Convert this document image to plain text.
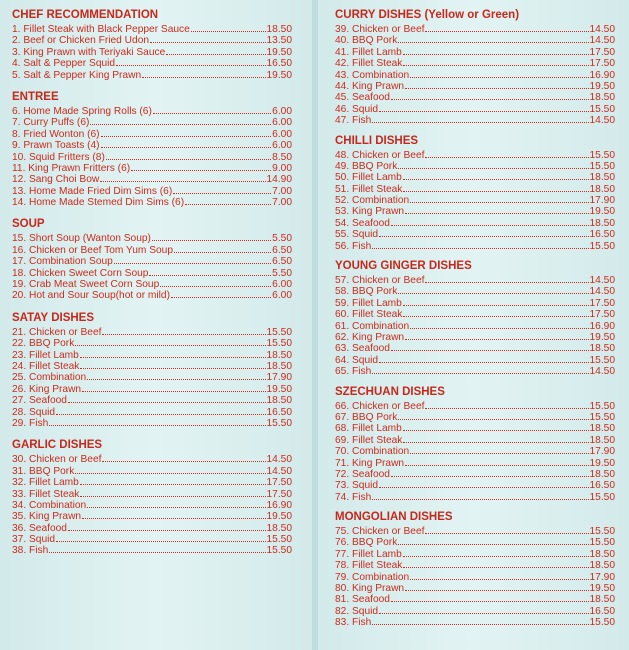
CHEF RECOMMENDATION
1. Fillet Steak with Black Pepper Sauce	18.50
2. Beef or Chicken Fried Udon	13.50
3. King Prawn with Teriyaki Sauce	19.50
4. Salt & Pepper Squid	16.50
5. Salt & Pepper King Prawn	19.50
ENTREE
6. Home Made Spring Rolls (6)	6.00
7. Curry Puffs (6)	6.00
8. Fried Wonton (6)	6.00
9. Prawn Toasts (4)	6.00
10. Squid Fritters (8)	8.50
11. King Prawn Fritters (6)	9.00
12. Sang Choi Bow	14.90
13. Home Made Fried Dim Sims (6)	7.00
14. Home Made Stemed Dim Sims (6)	7.00
SOUP
15. Short Soup (Wanton Soup)	5.50
16. Chicken or Beef Tom Yum Soup	6.50
17. Combination Soup	6.50
18. Chicken Sweet Corn Soup	5.50
19. Crab Meat Sweet Corn Soup	6.00
20. Hot and Sour Soup(hot or mild)	6.00
SATAY DISHES
21. Chicken or Beef	15.50
22. BBQ Pork	15.50
23. Fillet Lamb	18.50
24. Fillet Steak	18.50
25. Combination	17.90
26. King Prawn	19.50
27. Seafood	18.50
28. Squid	16.50
29. Fish	15.50
GARLIC DISHES
30. Chicken or Beef	14.50
31. BBQ Pork	14.50
32. Fillet Lamb	17.50
33. Fillet Steak	17.50
34. Combination	16.90
35. King Prawn	19.50
36. Seafood	18.50
37. Squid	15.50
38. Fish	15.50
CURRY DISHES (Yellow or Green)
39. Chicken or Beef	14.50
40. BBQ Pork	14.50
41. Fillet Lamb	17.50
42. Fillet Steak	17.50
43. Combination	16.90
44. King Prawn	19.50
45. Seafood	18.50
46. Squid	15.50
47. Fish	14.50
CHILLI DISHES
48. Chicken or Beef	15.50
49. BBQ Pork	15.50
50. Fillet Lamb	18.50
51. Fillet Steak	18.50
52. Combination	17.90
53. King Prawn	19.50
54. Seafood	18.50
55. Squid	16.50
56. Fish	15.50
YOUNG GINGER DISHES
57. Chicken or Beef	14.50
58. BBQ Pork	14.50
59. Fillet Lamb	17.50
60. Fillet Steak	17.50
61. Combination	16.90
62. King Prawn	19.50
63. Seafood	18.50
64. Squid	15.50
65. Fish	14.50
SZECHUAN DISHES
66. Chicken or Beef	15.50
67. BBQ Pork	15.50
68. Fillet Lamb	18.50
69. Fillet Steak	18.50
70. Combination	17.90
71. King Prawn	19.50
72. Seafood	18.50
73. Squid	16.50
74. Fish	15.50
MONGOLIAN DISHES
75. Chicken or Beef	15.50
76. BBQ Pork	15.50
77. Fillet Lamb	18.50
78. Fillet Steak	18.50
79. Combination	17.90
80. King Prawn	19.50
81. Seafood	18.50
82. Squid	16.50
83. Fish	15.50
